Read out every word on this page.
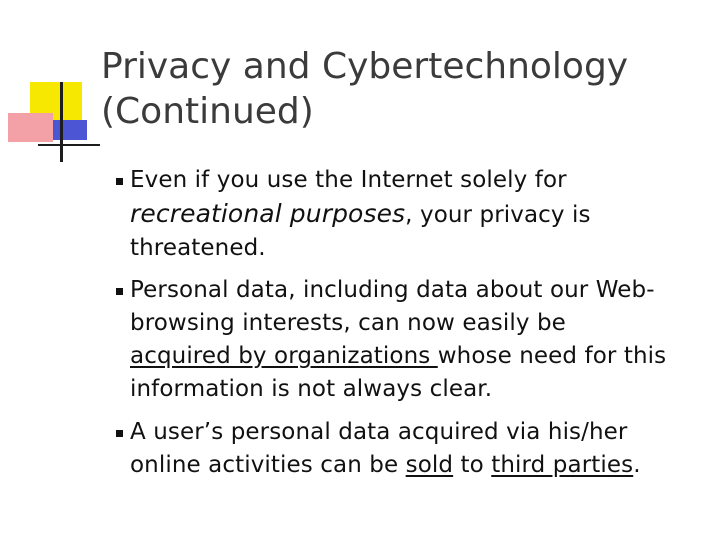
Privacy and Cybertechnology
(Continued)
Even if you use the Internet solely for
recreational purposes, your privacy is
threatened.
Personal data, including data about our Web-
browsing interests, can now easily be
acquired by organizations whose need for this
information is not always clear.
A user’s personal data acquired via his/her
online activities can be sold to third parties.
